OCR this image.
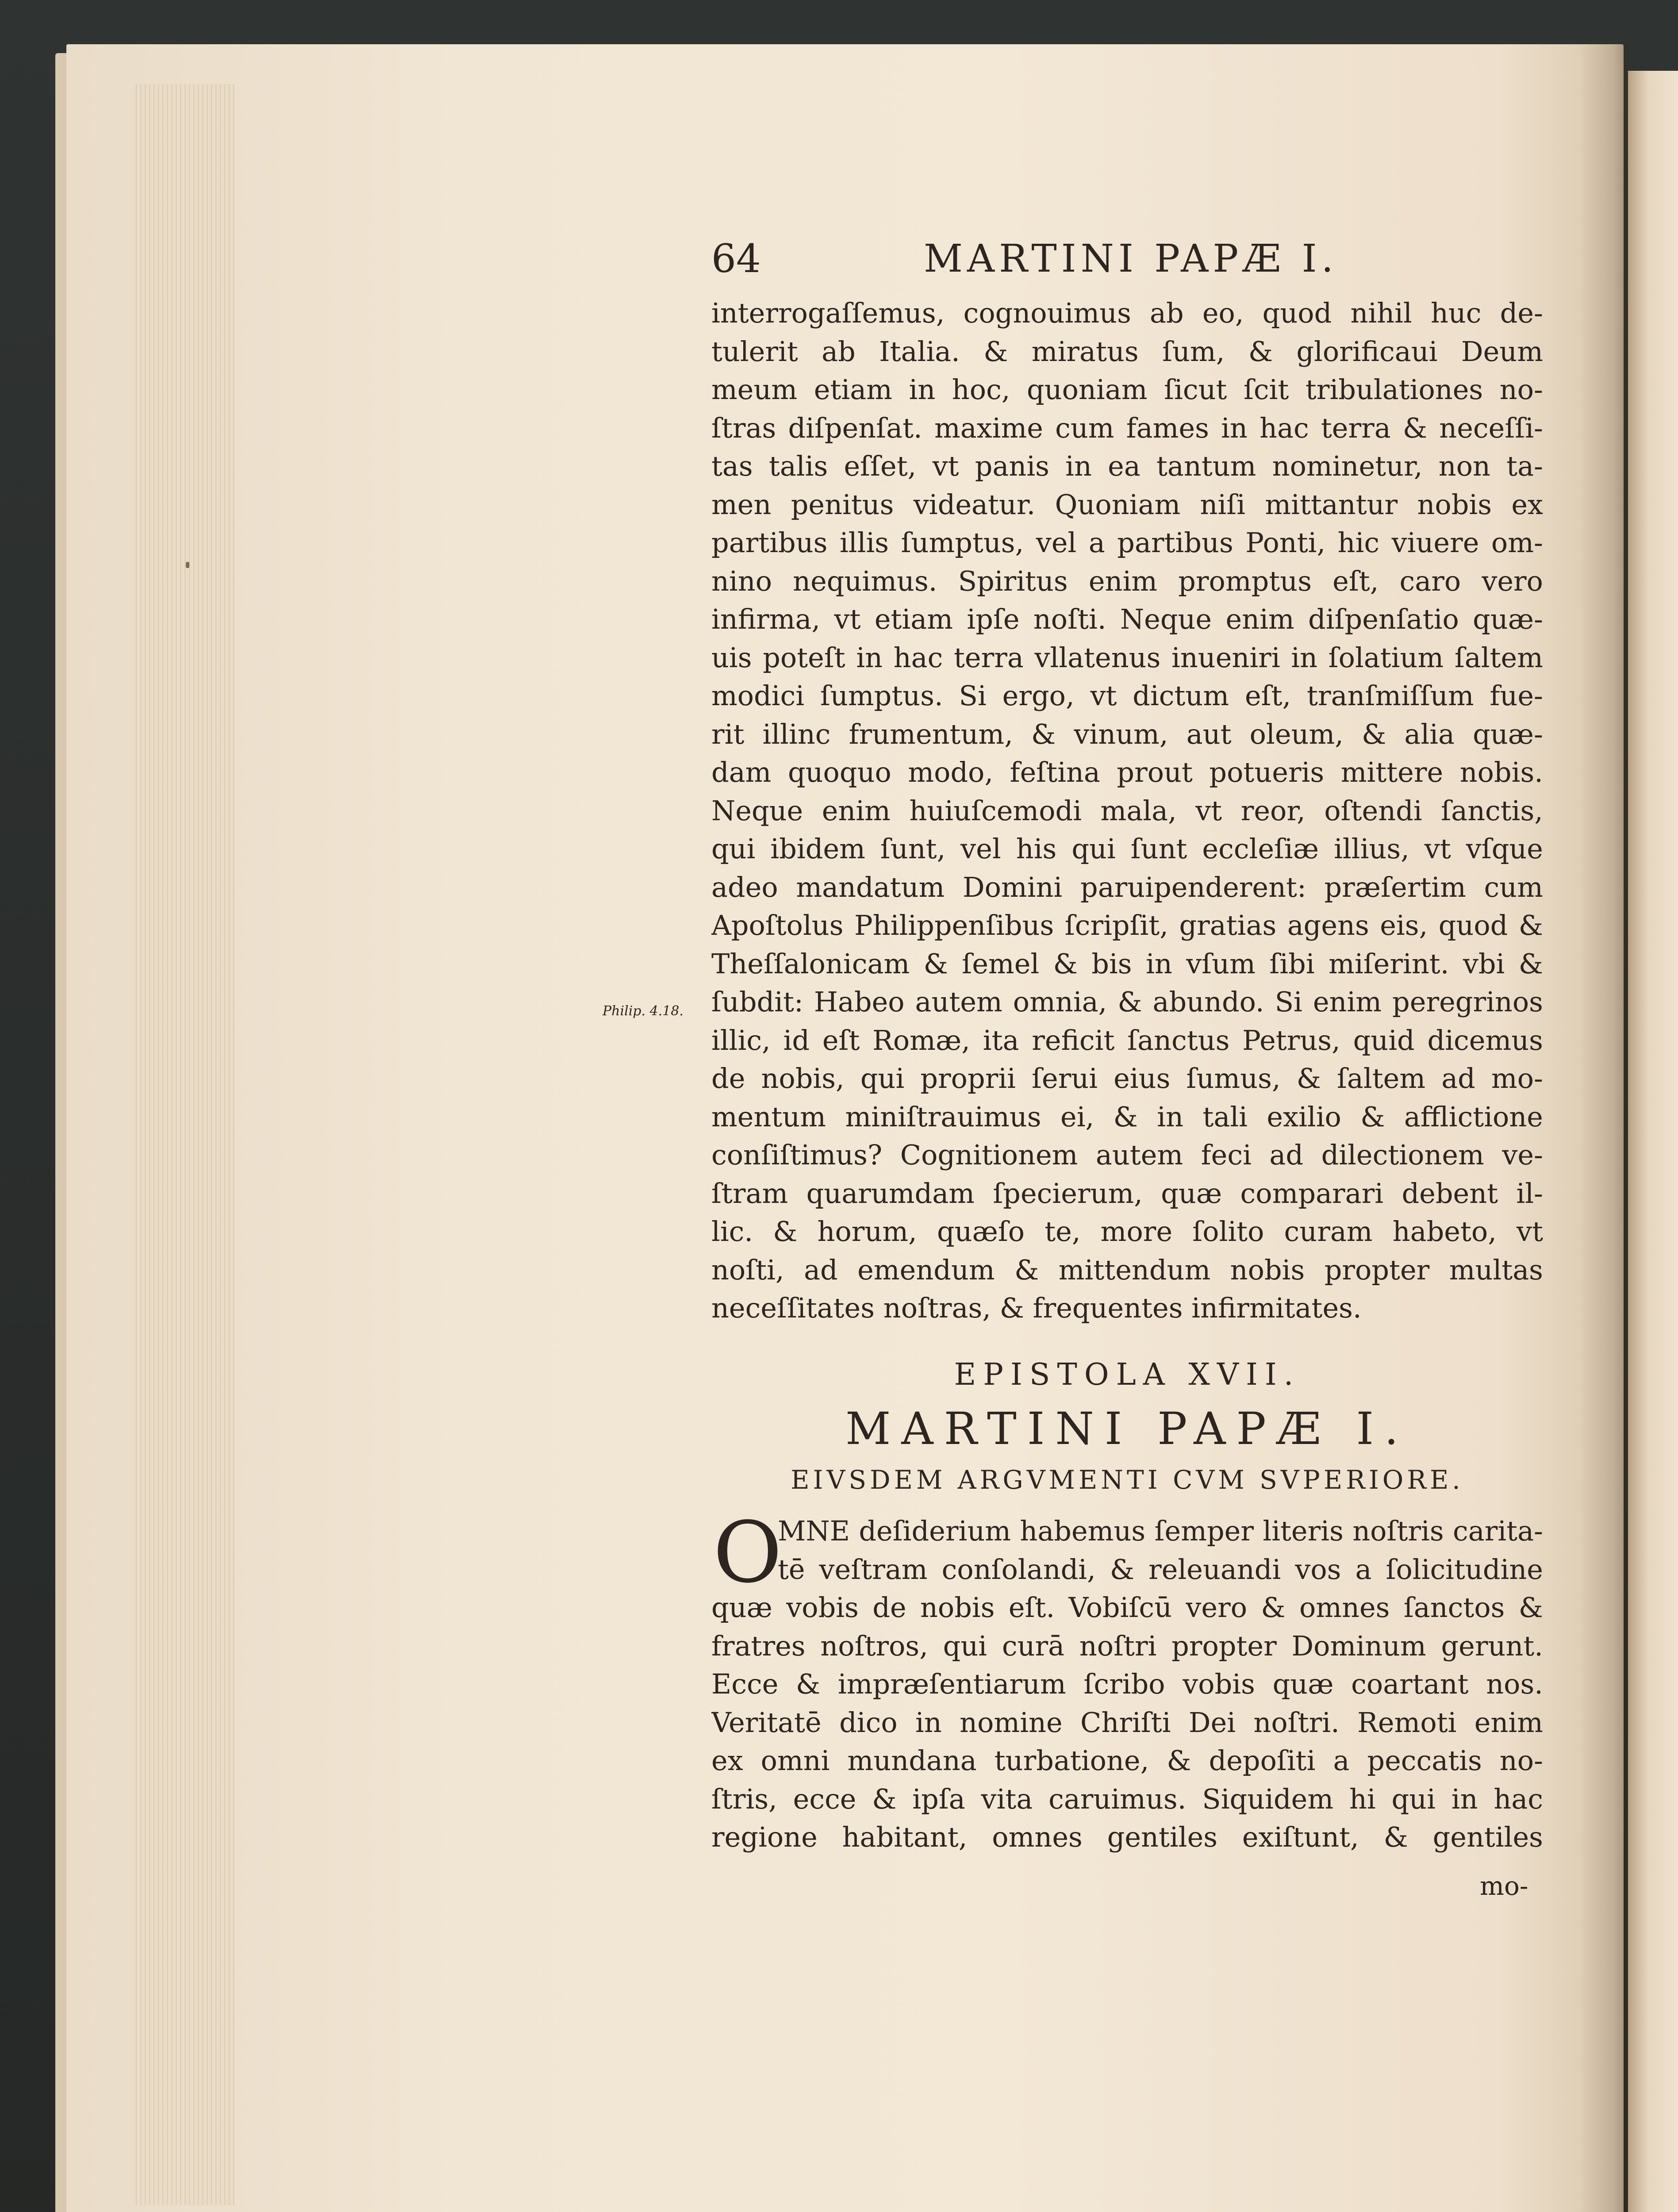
64	MARTINI PAPÆ I.
Philip. 4.18.
interrogaſſemus, cognouimus ab eo, quod nihil huc de-
tulerit ab Italia. & miratus ſum, & glorificaui Deum
meum etiam in hoc, quoniam ſicut ſcit tribulationes no-
ſtras diſpenſat. maxime cum fames in hac terra & neceſſi-
tas talis eſſet, vt panis in ea tantum nominetur, non ta-
men penitus videatur. Quoniam niſi mittantur nobis ex
partibus illis ſumptus, vel a partibus Ponti, hic viuere om-
nino nequimus. Spiritus enim promptus eſt, caro vero
infirma, vt etiam ipſe noſti. Neque enim diſpenſatio quæ-
uis poteſt in hac terra vllatenus inueniri in ſolatium ſaltem
modici ſumptus. Si ergo, vt dictum eſt, tranſmiſſum fue-
rit illinc frumentum, & vinum, aut oleum, & alia quæ-
dam quoquo modo, feſtina prout potueris mittere nobis.
Neque enim huiuſcemodi mala, vt reor, oſtendi ſanctis,
qui ibidem ſunt, vel his qui ſunt eccleſiæ illius, vt vſque
adeo mandatum Domini paruipenderent: præſertim cum
Apoſtolus Philippenſibus ſcripſit, gratias agens eis, quod &
Theſſalonicam & ſemel & bis in vſum ſibi miſerint. vbi &
ſubdit: Habeo autem omnia, & abundo. Si enim peregrinos
illic, id eſt Romæ, ita reficit ſanctus Petrus, quid dicemus
de nobis, qui proprii ſerui eius ſumus, & ſaltem ad mo-
mentum miniſtrauimus ei, & in tali exilio & afflictione
conſiſtimus? Cognitionem autem feci ad dilectionem ve-
ſtram quarumdam ſpecierum, quæ comparari debent il-
lic. & horum, quæſo te, more ſolito curam habeto, vt
noſti, ad emendum & mittendum nobis propter multas
neceſſitates noſtras, & frequentes infirmitates.
EPISTOLA XVII.
MARTINI PAPÆ I.
EIVSDEM ARGVMENTI CVM SVPERIORE.
O
MNE deſiderium habemus ſemper literis noſtris carita-
tē veſtram conſolandi, & releuandi vos a ſolicitudine
quæ vobis de nobis eſt. Vobiſcū vero & omnes ſanctos &
fratres noſtros, qui curā noſtri propter Dominum gerunt.
Ecce & impræſentiarum ſcribo vobis quæ coartant nos.
Veritatē dico in nomine Chriſti Dei noſtri. Remoti enim
ex omni mundana turbatione, & depoſiti a peccatis no-
ſtris, ecce & ipſa vita caruimus. Siquidem hi qui in hac
regione habitant, omnes gentiles exiſtunt, & gentiles
mo-
